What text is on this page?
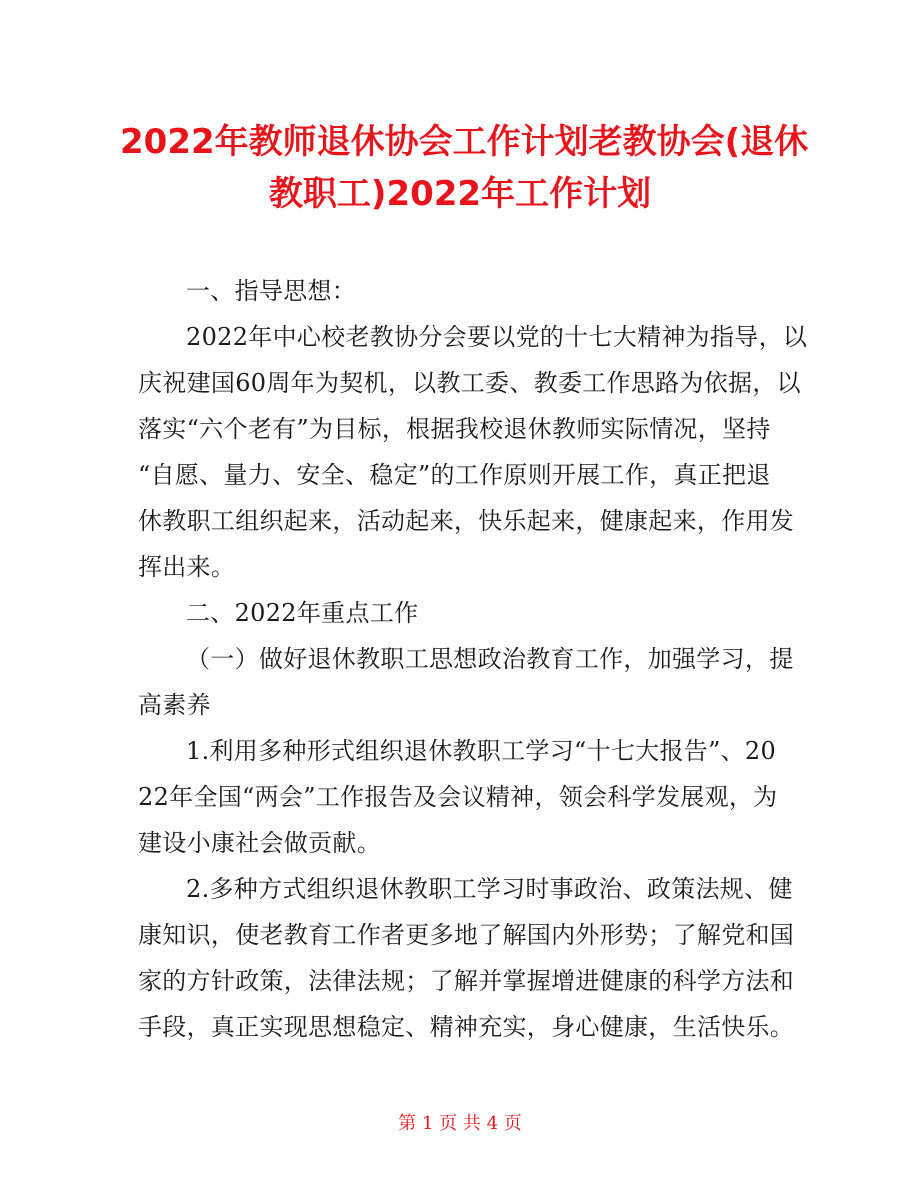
2022年教师退休协会工作计划老教协会(退休
教职工)2022年工作计划

一、指导思想：

2022年中心校老教协分会要以党的十七大精神为指导，以
庆祝建国60周年为契机，以教工委、教委工作思路为依据，以
落实“六个老有”为目标，根据我校退休教师实际情况，坚持
“自愿、量力、安全、稳定”的工作原则开展工作，真正把退
休教职工组织起来，活动起来，快乐起来，健康起来，作用发
挥出来。

二、2022年重点工作

（一）做好退休教职工思想政治教育工作，加强学习，提
高素养

1.利用多种形式组织退休教职工学习“十七大报告”、20
22年全国“两会”工作报告及会议精神，领会科学发展观，为
建设小康社会做贡献。

2.多种方式组织退休教职工学习时事政治、政策法规、健
康知识，使老教育工作者更多地了解国内外形势；了解党和国
家的方针政策，法律法规；了解并掌握增进健康的科学方法和
手段，真正实现思想稳定、精神充实，身心健康，生活快乐。

第 1 页 共 4 页
